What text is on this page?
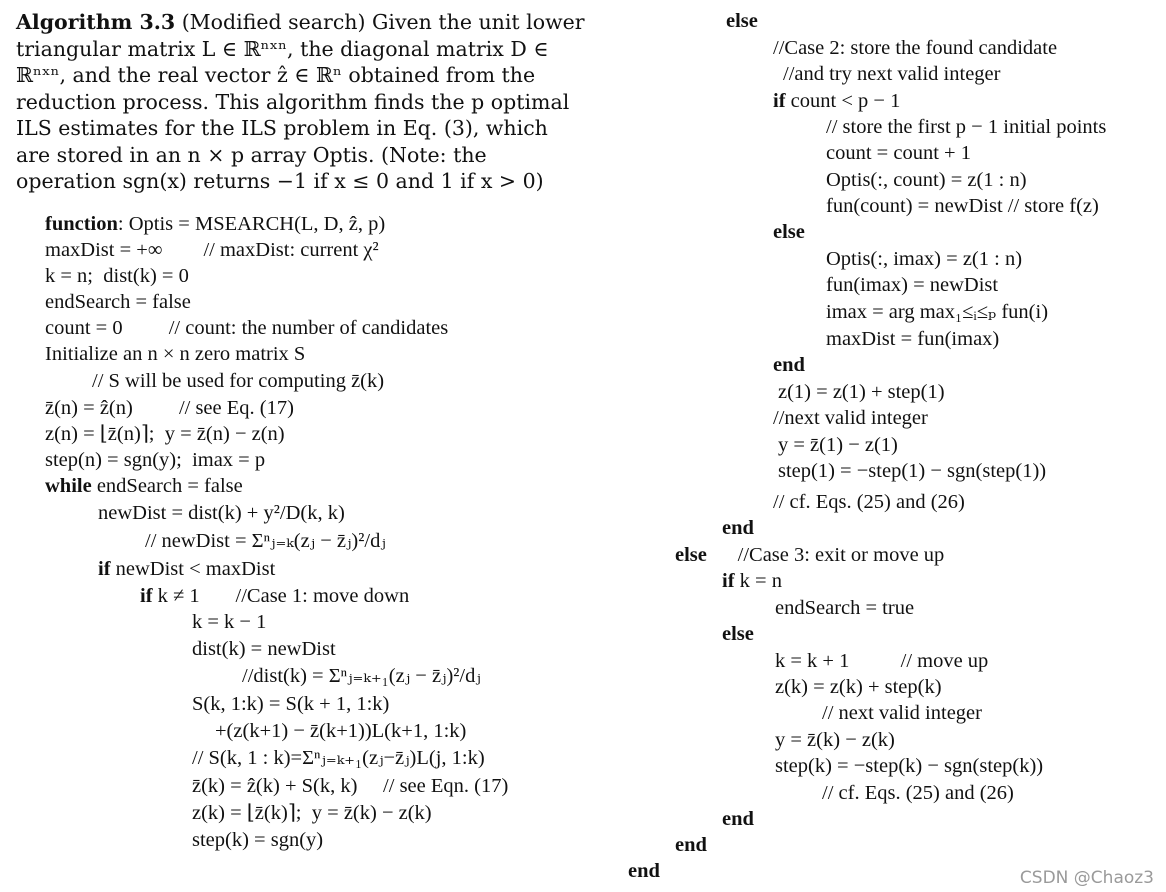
Algorithm 3.3 (Modified search) Given the unit lower triangular matrix L ∈ ℝⁿˣⁿ, the diagonal matrix D ∈ ℝⁿˣⁿ, and the real vector ẑ ∈ ℝⁿ obtained from the reduction process. This algorithm finds the p optimal ILS estimates for the ILS problem in Eq. (3), which are stored in an n × p array Optis. (Note: the operation sgn(x) returns −1 if x ≤ 0 and 1 if x > 0)
function: Optis = MSEARCH(L, D, ẑ, p)
maxDist = +∞        // maxDist: current χ²
k = n;  dist(k) = 0
endSearch = false
count = 0         // count: the number of candidates
Initialize an n × n zero matrix S
// S will be used for computing z̄(k)
z̄(n) = ẑ(n)         // see Eq. (17)
z(n) = ⌊z̄(n)⌉;  y = z̄(n) − z(n)
step(n) = sgn(y);  imax = p
while endSearch = false
newDist = dist(k) + y²/D(k, k)
// newDist = Σⁿⱼ₌ₖ(zⱼ − z̄ⱼ)²/dⱼ
if newDist < maxDist
if k ≠ 1       //Case 1: move down
k = k − 1
dist(k) = newDist
//dist(k) = Σⁿⱼ₌ₖ₊₁(zⱼ − z̄ⱼ)²/dⱼ
S(k, 1:k) = S(k + 1, 1:k)
+(z(k+1) − z̄(k+1))L(k+1, 1:k)
// S(k, 1 : k)=Σⁿⱼ₌ₖ₊₁(zⱼ−z̄ⱼ)L(j, 1:k)
z̄(k) = ẑ(k) + S(k, k)     // see Eqn. (17)
z(k) = ⌊z̄(k)⌉;  y = z̄(k) − z(k)
step(k) = sgn(y)
else
//Case 2: store the found candidate
//and try next valid integer
if count < p − 1
// store the first p − 1 initial points
count = count + 1
Optis(:, count) = z(1 : n)
fun(count) = newDist // store f(z)
else
Optis(:, imax) = z(1 : n)
fun(imax) = newDist
imax = arg max₁≤ᵢ≤ₚ fun(i)
maxDist = fun(imax)
end
z(1) = z(1) + step(1)
//next valid integer
y = z̄(1) − z(1)
step(1) = −step(1) − sgn(step(1))
// cf. Eqs. (25) and (26)
end
else      //Case 3: exit or move up
if k = n
endSearch = true
else
k = k + 1          // move up
z(k) = z(k) + step(k)
// next valid integer
y = z̄(k) − z(k)
step(k) = −step(k) − sgn(step(k))
// cf. Eqs. (25) and (26)
end
end
end	CSDN @Chaoz3
